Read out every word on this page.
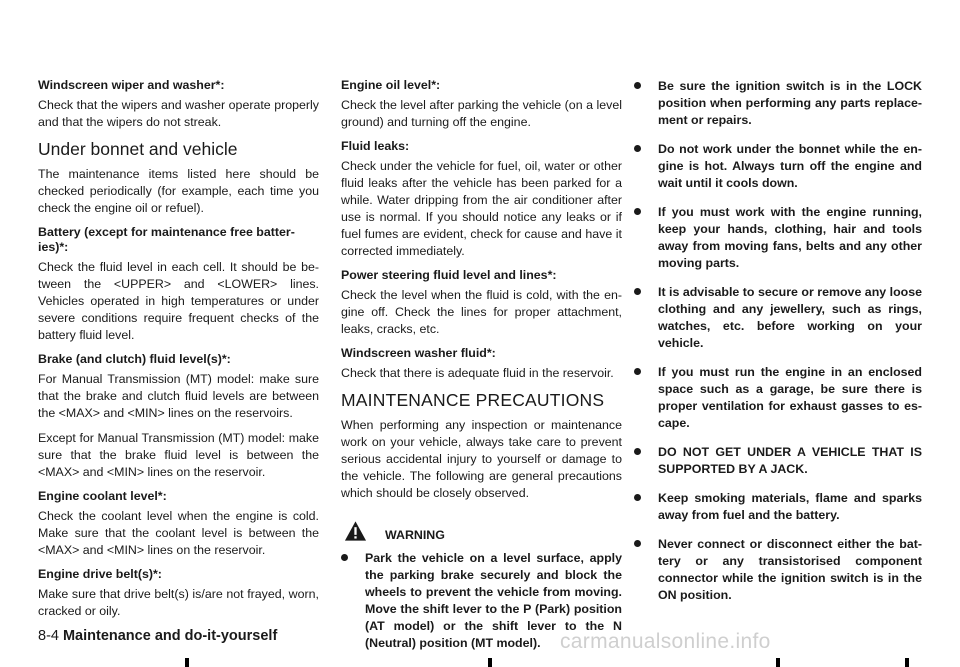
Windscreen wiper and washer*:

Check that the wipers and washer operate properly and that the wipers do not streak.

Under bonnet and vehicle

The maintenance items listed here should be checked periodically (for example, each time you check the engine oil or refuel).

Battery (except for maintenance free batteries)*:

Check the fluid level in each cell. It should be between the <UPPER> and <LOWER> lines. Vehicles operated in high temperatures or under severe conditions require frequent checks of the battery fluid level.

Brake (and clutch) fluid level(s)*:

For Manual Transmission (MT) model: make sure that the brake and clutch fluid levels are between the <MAX> and <MIN> lines on the reservoirs.

Except for Manual Transmission (MT) model: make sure that the brake fluid level is between the <MAX> and <MIN> lines on the reservoir.

Engine coolant level*:

Check the coolant level when the engine is cold. Make sure that the coolant level is between the <MAX> and <MIN> lines on the reservoir.

Engine drive belt(s)*:

Make sure that drive belt(s) is/are not frayed, worn, cracked or oily.

Engine oil level*:

Check the level after parking the vehicle (on a level ground) and turning off the engine.

Fluid leaks:

Check under the vehicle for fuel, oil, water or other fluid leaks after the vehicle has been parked for a while. Water dripping from the air conditioner after use is normal. If you should notice any leaks or if fuel fumes are evident, check for cause and have it corrected immediately.

Power steering fluid level and lines*:

Check the level when the fluid is cold, with the engine off. Check the lines for proper attachment, leaks, cracks, etc.

Windscreen washer fluid*:

Check that there is adequate fluid in the reservoir.

MAINTENANCE PRECAUTIONS

When performing any inspection or maintenance work on your vehicle, always take care to prevent serious accidental injury to yourself or damage to the vehicle. The following are general precautions which should be closely observed.

WARNING
Park the vehicle on a level surface, apply the parking brake securely and block the wheels to prevent the vehicle from moving. Move the shift lever to the P (Park) position (AT model) or the shift lever to the N (Neutral) position (MT model).
Be sure the ignition switch is in the LOCK position when performing any parts replacement or repairs.
Do not work under the bonnet while the engine is hot. Always turn off the engine and wait until it cools down.
If you must work with the engine running, keep your hands, clothing, hair and tools away from moving fans, belts and any other moving parts.
It is advisable to secure or remove any loose clothing and any jewellery, such as rings, watches, etc. before working on your vehicle.
If you must run the engine in an enclosed space such as a garage, be sure there is proper ventilation for exhaust gasses to escape.
DO NOT GET UNDER A VEHICLE THAT IS SUPPORTED BY A JACK.
Keep smoking materials, flame and sparks away from fuel and the battery.
Never connect or disconnect either the battery or any transistorised component connector while the ignition switch is in the ON position.
8-4 Maintenance and do-it-yourself	carmanualsonline.info
